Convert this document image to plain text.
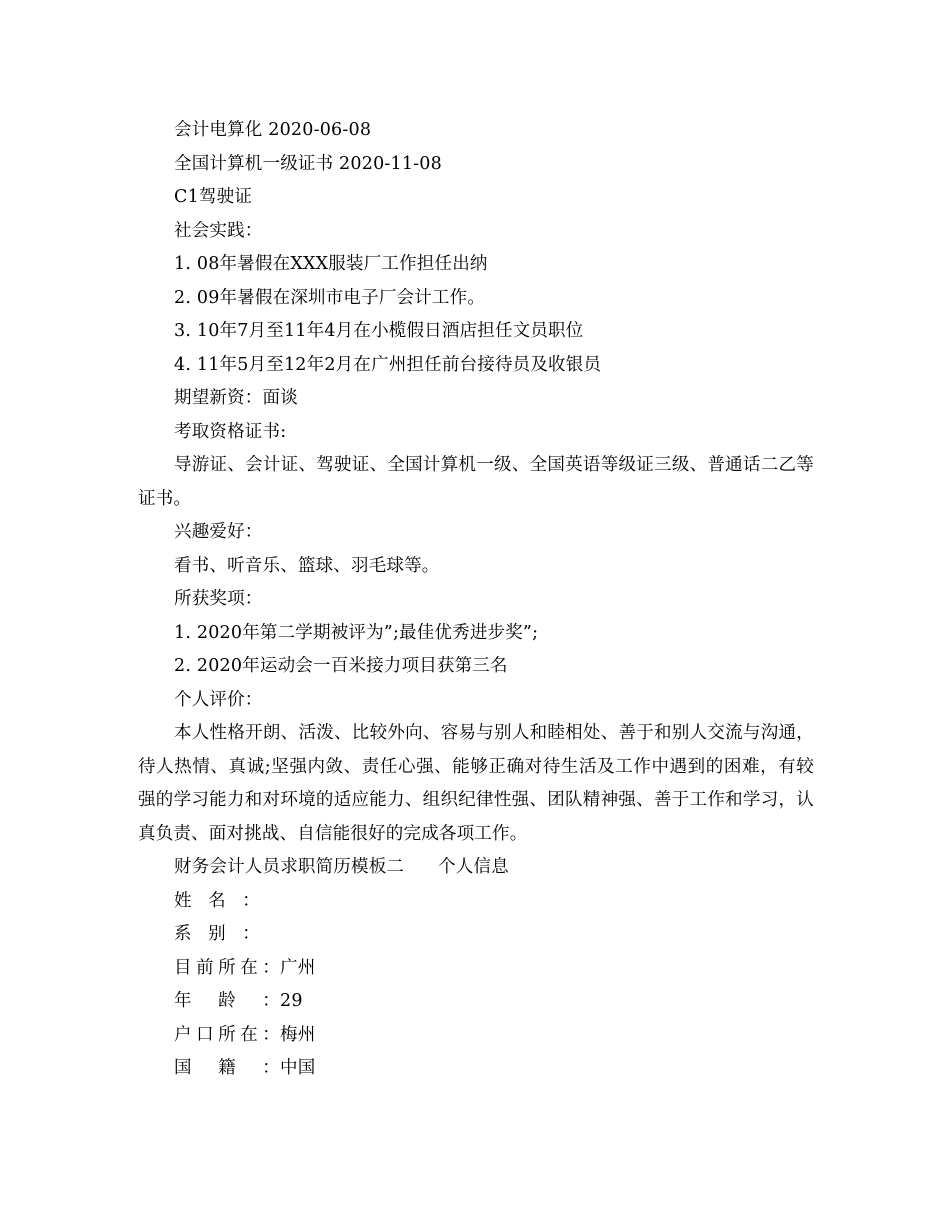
会计电算化 2020-06-08

全国计算机一级证书 2020-11-08

C1驾驶证

社会实践：

1. 08年暑假在XXX服装厂工作担任出纳

2. 09年暑假在深圳市电子厂会计工作。

3. 10年7月至11年4月在小榄假日酒店担任文员职位

4. 11年5月至12年2月在广州担任前台接待员及收银员

期望新资：面谈

考取资格证书:

导游证、会计证、驾驶证、全国计算机一级、全国英语等级证三级、普通话二乙等证书。

兴趣爱好：

看书、听音乐、篮球、羽毛球等。

所获奖项：

1. 2020年第二学期被评为”;最佳优秀进步奖”;

2. 2020年运动会一百米接力项目获第三名

个人评价：

本人性格开朗、活泼、比较外向、容易与别人和睦相处、善于和别人交流与沟通，待人热情、真诚;坚强内敛、责任心强、能够正确对待生活及工作中遇到的困难，有较强的学习能力和对环境的适应能力、组织纪律性强、团队精神强、善于工作和学习，认真负责、面对挑战、自信能很好的完成各项工作。

财务会计人员求职简历模板二 个人信息

姓名：
系别：
目前所在： 广州
年龄： 29
户口所在： 梅州
国籍： 中国
